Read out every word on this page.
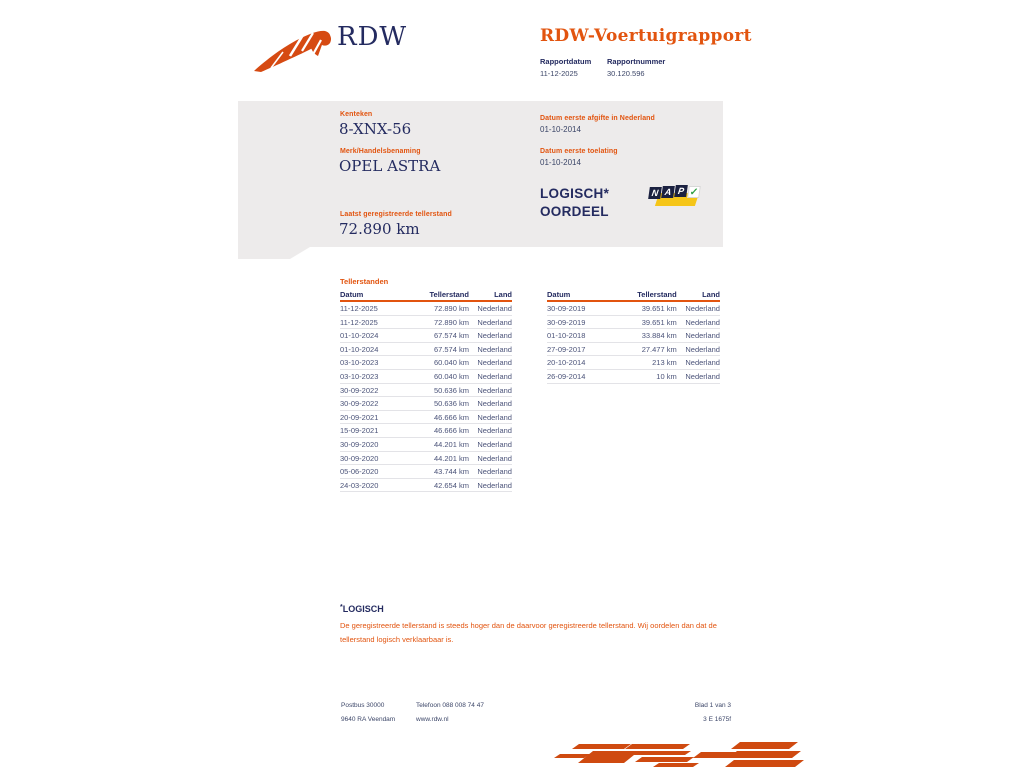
RDW	RDW-Voertuigrapport
Rapportdatum Rapportnummer
11-12-2025	30.120.596
Kenteken
8-XNX-56
Merk/Handelsbenaming
OPEL ASTRA
Laatst geregistreerde tellerstand
72.890 km
Datum eerste afgifte in Nederland
01-10-2014
Datum eerste toelating
01-10-2014
LOGISCH*
OORDEEL
N A P ✓
Tellerstanden
Datum	Tellerstand	Land
11-12-2025	72.890 km	Nederland
11-12-2025	72.890 km	Nederland
01-10-2024	67.574 km	Nederland
01-10-2024	67.574 km	Nederland
03-10-2023	60.040 km	Nederland
03-10-2023	60.040 km	Nederland
30-09-2022	50.636 km	Nederland
30-09-2022	50.636 km	Nederland
20-09-2021	46.666 km	Nederland
15-09-2021	46.666 km	Nederland
30-09-2020	44.201 km	Nederland
30-09-2020	44.201 km	Nederland
05-06-2020	43.744 km	Nederland
24-03-2020	42.654 km	Nederland
Datum	Tellerstand	Land
30-09-2019	39.651 km	Nederland
30-09-2019	39.651 km	Nederland
01-10-2018	33.884 km	Nederland
27-09-2017	27.477 km	Nederland
20-10-2014	213 km	Nederland
26-09-2014	10 km	Nederland
*LOGISCH
De geregistreerde tellerstand is steeds hoger dan de daarvoor geregistreerde tellerstand. Wij oordelen dan dat de tellerstand logisch verklaarbaar is.
Postbus 30000
9640 RA Veendam
Telefoon 088 008 74 47
www.rdw.nl
Blad 1 van 3
3 E 1675f
